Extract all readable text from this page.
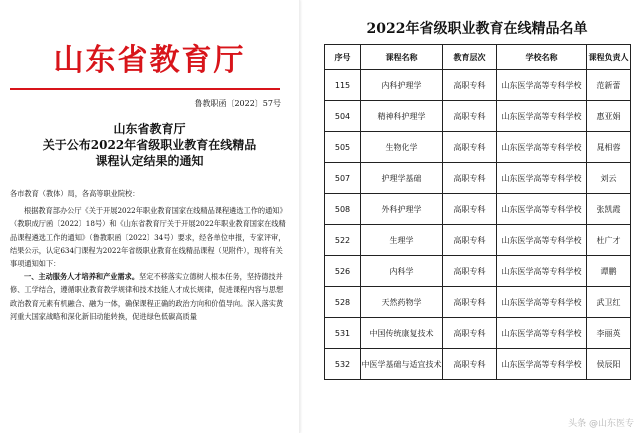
山东省教育厅
鲁教职函〔2022〕57号
山东省教育厅
关于公布2022年省级职业教育在线精品
课程认定结果的通知

各市教育（教体）局，各高等职业院校：

根据教育部办公厅《关于开展2022年职业教育国家在线精品课程遴选工作的通知》（教职成厅函〔2022〕18号）和《山东省教育厅关于开展2022年职业教育国家在线精品课程遴选工作的通知》（鲁教职函〔2022〕34号）要求，经各单位申报，专家评审，结果公示，认定634门课程为2022年省级职业教育在线精品课程（见附件），现将有关事项通知如下：

一、主动服务人才培养和产业需求。坚定不移落实立德树人根本任务，坚持德技并修、工学结合，遵循职业教育教学规律和技术技能人才成长规律，促进课程内容与思想政治教育元素有机融合、融为一体，确保课程正确的政治方向和价值导向。深入落实黄河重大国家战略和深化新旧动能转换，促进绿色低碳高质量

2022年省级职业教育在线精品名单
序号	课程名称	教育层次	学校名称	课程负责人
115	内科护理学	高职专科	山东医学高等专科学校	范新蕾
504	精神科护理学	高职专科	山东医学高等专科学校	惠亚娟
505	生物化学	高职专科	山东医学高等专科学校	晁相蓉
507	护理学基础	高职专科	山东医学高等专科学校	刘云
508	外科护理学	高职专科	山东医学高等专科学校	张凯霞
522	生理学	高职专科	山东医学高等专科学校	杜广才
526	内科学	高职专科	山东医学高等专科学校	谭鹏
528	天然药物学	高职专科	山东医学高等专科学校	武卫红
531	中国传统康复技术	高职专科	山东医学高等专科学校	李丽英
532	中医学基础与适宜技术	高职专科	山东医学高等专科学校	侯辰阳
头条 @山东医专
